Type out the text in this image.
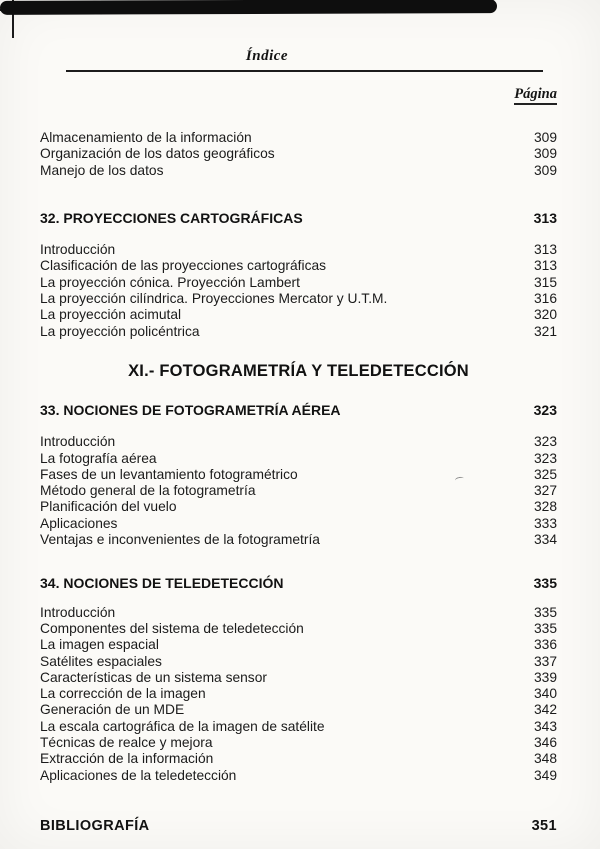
Índice
Página
Almacenamiento de la información	309
Organización de los datos geográficos	309
Manejo de los datos	309
32. PROYECCIONES CARTOGRÁFICAS	313
Introducción	313
Clasificación de las proyecciones cartográficas	313
La proyección cónica. Proyección Lambert	315
La proyección cilíndrica. Proyecciones Mercator y U.T.M.	316
La proyección acimutal	320
La proyección policéntrica	321
XI.- FOTOGRAMETRÍA Y TELEDETECCIÓN
33. NOCIONES DE FOTOGRAMETRÍA AÉREA	323
Introducción	323
La fotografía aérea	323
Fases de un levantamiento fotogramétrico	325
Método general de la fotogrametría	327
Planificación del vuelo	328
Aplicaciones	333
Ventajas e inconvenientes de la fotogrametría	334
34. NOCIONES DE TELEDETECCIÓN	335
Introducción	335
Componentes del sistema de teledetección	335
La imagen espacial	336
Satélites espaciales	337
Características de un sistema sensor	339
La corrección de la imagen	340
Generación de un MDE	342
La escala cartográfica de la imagen de satélite	343
Técnicas de realce y mejora	346
Extracción de la información	348
Aplicaciones de la teledetección	349
BIBLIOGRAFÍA	351
